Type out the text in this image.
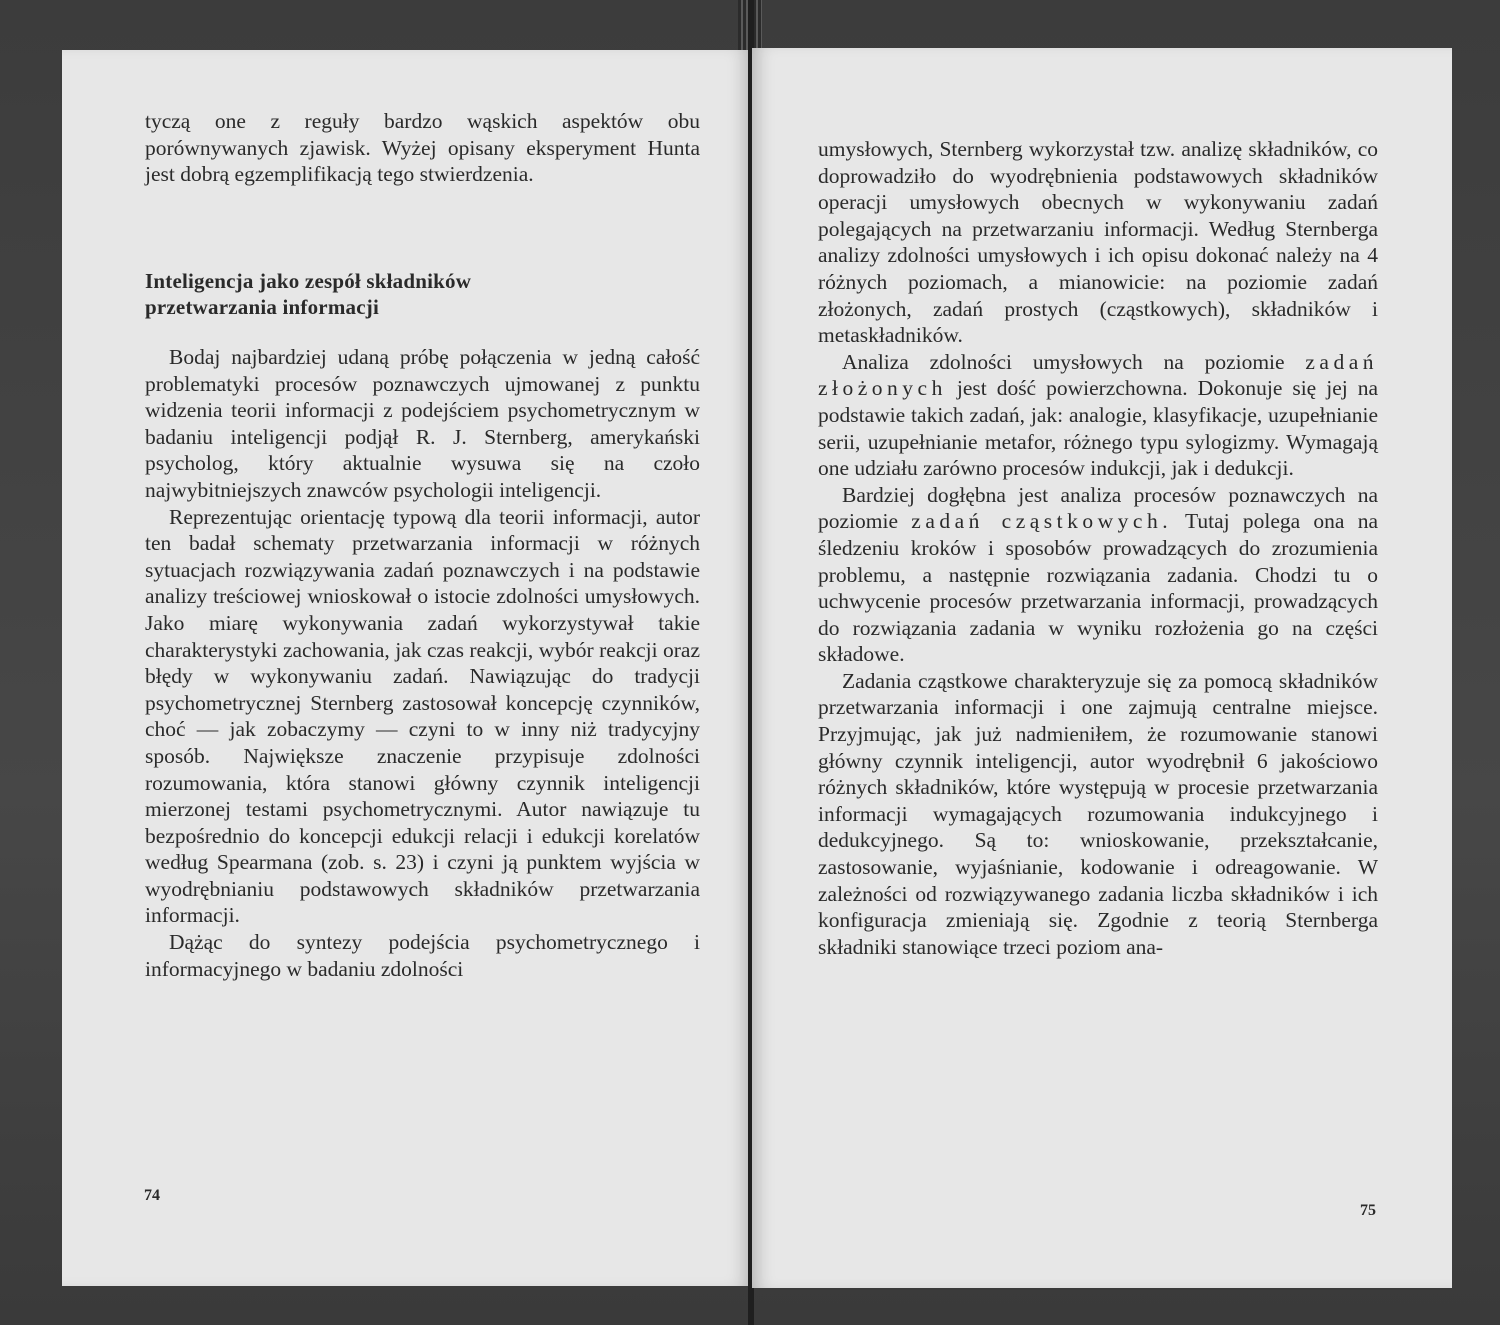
tyczą one z reguły bardzo wąskich aspektów obu porównywanych zjawisk. Wyżej opisany eksperyment Hunta jest dobrą egzemplifikacją tego stwierdzenia.

Inteligencja jako zespół składników
przetwarzania informacji

Bodaj najbardziej udaną próbę połączenia w jedną całość problematyki procesów poznawczych ujmowanej z punktu widzenia teorii informacji z podejściem psychometrycznym w badaniu inteligencji podjął R. J. Sternberg, amerykański psycholog, który aktualnie wysuwa się na czoło najwybitniejszych znawców psychologii inteligencji.

Reprezentując orientację typową dla teorii informacji, autor ten badał schematy przetwarzania informacji w różnych sytuacjach rozwiązywania zadań poznawczych i na podstawie analizy treściowej wnioskował o istocie zdolności umysłowych. Jako miarę wykonywania zadań wykorzystywał takie charakterystyki zachowania, jak czas reakcji, wybór reakcji oraz błędy w wykonywaniu zadań. Nawiązując do tradycji psychometrycznej Sternberg zastosował koncepcję czynników, choć — jak zobaczymy — czyni to w inny niż tradycyjny sposób. Największe znaczenie przypisuje zdolności rozumowania, która stanowi główny czynnik inteligencji mierzonej testami psychometrycznymi. Autor nawiązuje tu bezpośrednio do koncepcji edukcji relacji i edukcji korelatów według Spearmana (zob. s. 23) i czyni ją punktem wyjścia w wyodrębnianiu podstawowych składników przetwarzania informacji.

Dążąc do syntezy podejścia psychometrycznego i informacyjnego w badaniu zdolności

74

umysłowych, Sternberg wykorzystał tzw. analizę składników, co doprowadziło do wyodrębnienia podstawowych składników operacji umysłowych obecnych w wykonywaniu zadań polegających na przetwarzaniu informacji. Według Sternberga analizy zdolności umysłowych i ich opisu dokonać należy na 4 różnych poziomach, a mianowicie: na poziomie zadań złożonych, zadań prostych (cząstkowych), składników i metaskładników.

Analiza zdolności umysłowych na poziomie zadań złożonych jest dość powierzchowna. Dokonuje się jej na podstawie takich zadań, jak: analogie, klasyfikacje, uzupełnianie serii, uzupełnianie metafor, różnego typu sylogizmy. Wymagają one udziału zarówno procesów indukcji, jak i dedukcji.

Bardziej dogłębna jest analiza procesów poznawczych na poziomie zadań cząstkowych. Tutaj polega ona na śledzeniu kroków i sposobów prowadzących do zrozumienia problemu, a następnie rozwiązania zadania. Chodzi tu o uchwycenie procesów przetwarzania informacji, prowadzących do rozwiązania zadania w wyniku rozłożenia go na części składowe.

Zadania cząstkowe charakteryzuje się za pomocą składników przetwarzania informacji i one zajmują centralne miejsce. Przyjmując, jak już nadmieniłem, że rozumowanie stanowi główny czynnik inteligencji, autor wyodrębnił 6 jakościowo różnych składników, które występują w procesie przetwarzania informacji wymagających rozumowania indukcyjnego i dedukcyjnego. Są to: wnioskowanie, przekształcanie, zastosowanie, wyjaśnianie, kodowanie i odreagowanie. W zależności od rozwiązywanego zadania liczba składników i ich konfiguracja zmieniają się. Zgodnie z teorią Sternberga składniki stanowiące trzeci poziom ana-

75
